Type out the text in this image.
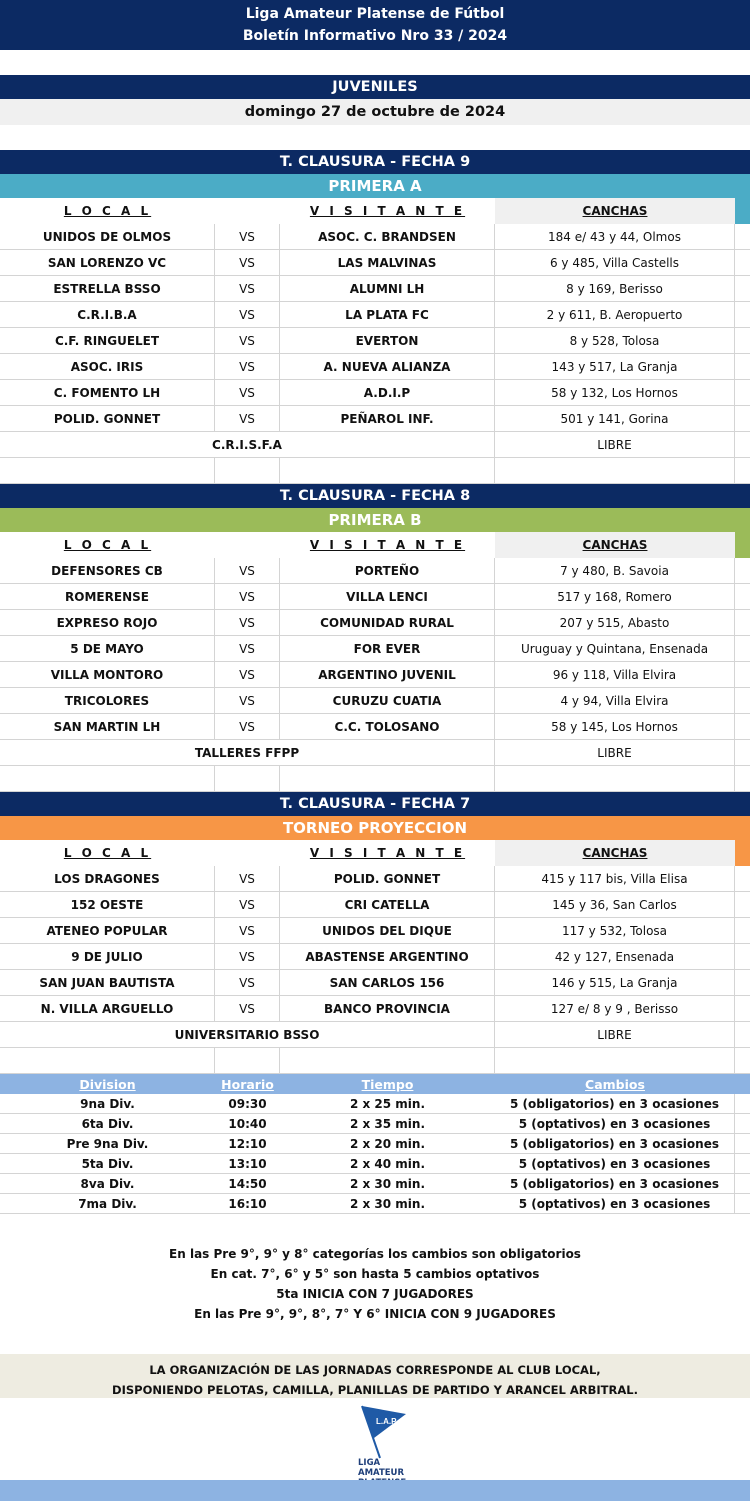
Liga Amateur Platense de Fútbol
Boletín Informativo Nro 33 / 2024
JUVENILES
domingo 27 de octubre de 2024
T. CLAUSURA - FECHA 9
PRIMERA A
L O C A L	V I S I T A N T E	CANCHAS
UNIDOS DE OLMOS	VS	ASOC. C. BRANDSEN	184 e/ 43 y 44, Olmos
SAN LORENZO VC	VS	LAS MALVINAS	6 y 485, Villa Castells
ESTRELLA BSSO	VS	ALUMNI LH	8 y 169, Berisso
C.R.I.B.A	VS	LA PLATA FC	2 y 611, B. Aeropuerto
C.F. RINGUELET	VS	EVERTON	8 y 528, Tolosa
ASOC. IRIS	VS	A. NUEVA ALIANZA	143 y 517, La Granja
C. FOMENTO LH	VS	A.D.I.P	58 y 132, Los Hornos
POLID. GONNET	VS	PEÑAROL INF.	501 y 141, Gorina
C.R.I.S.F.A	LIBRE
T. CLAUSURA - FECHA 8
PRIMERA B
L O C A L	V I S I T A N T E	CANCHAS
DEFENSORES CB	VS	PORTEÑO	7 y 480, B. Savoia
ROMERENSE	VS	VILLA LENCI	517 y 168, Romero
EXPRESO ROJO	VS	COMUNIDAD RURAL	207 y 515, Abasto
5 DE MAYO	VS	FOR EVER	Uruguay y Quintana, Ensenada
VILLA MONTORO	VS	ARGENTINO JUVENIL	96 y 118, Villa Elvira
TRICOLORES	VS	CURUZU CUATIA	4 y 94, Villa Elvira
SAN MARTIN LH	VS	C.C. TOLOSANO	58 y 145, Los Hornos
TALLERES FFPP	LIBRE
T. CLAUSURA - FECHA 7
TORNEO PROYECCION
L O C A L	V I S I T A N T E	CANCHAS
LOS DRAGONES	VS	POLID. GONNET	415 y 117 bis, Villa Elisa
152 OESTE	VS	CRI CATELLA	145 y 36, San Carlos
ATENEO POPULAR	VS	UNIDOS DEL DIQUE	117 y 532, Tolosa
9 DE JULIO	VS	ABASTENSE ARGENTINO	42 y 127, Ensenada
SAN JUAN BAUTISTA	VS	SAN CARLOS 156	146 y 515, La Granja
N. VILLA ARGUELLO	VS	BANCO PROVINCIA	127 e/ 8 y 9 , Berisso
UNIVERSITARIO BSSO	LIBRE
Division	Horario	Tiempo	Cambios
9na Div.	09:30	2 x 25 min.	5 (obligatorios) en 3 ocasiones
6ta Div.	10:40	2 x 35 min.	5 (optativos) en 3 ocasiones
Pre 9na Div.	12:10	2 x 20 min.	5 (obligatorios) en 3 ocasiones
5ta Div.	13:10	2 x 40 min.	5 (optativos) en 3 ocasiones
8va Div.	14:50	2 x 30 min.	5 (obligatorios) en 3 ocasiones
7ma Div.	16:10	2 x 30 min.	5 (optativos) en 3 ocasiones
En las Pre 9°, 9° y 8° categorías los cambios son obligatorios
En cat. 7°, 6° y 5° son hasta 5 cambios optativos
5ta INICIA CON 7 JUGADORES
En las Pre 9°, 9°, 8°, 7° Y 6° INICIA CON 9 JUGADORES
LA ORGANIZACIÓN DE LAS JORNADAS CORRESPONDE AL CLUB LOCAL,
DISPONIENDO PELOTAS, CAMILLA, PLANILLAS DE PARTIDO Y ARANCEL ARBITRAL.
L.A.P
LIGA
AMATEUR
